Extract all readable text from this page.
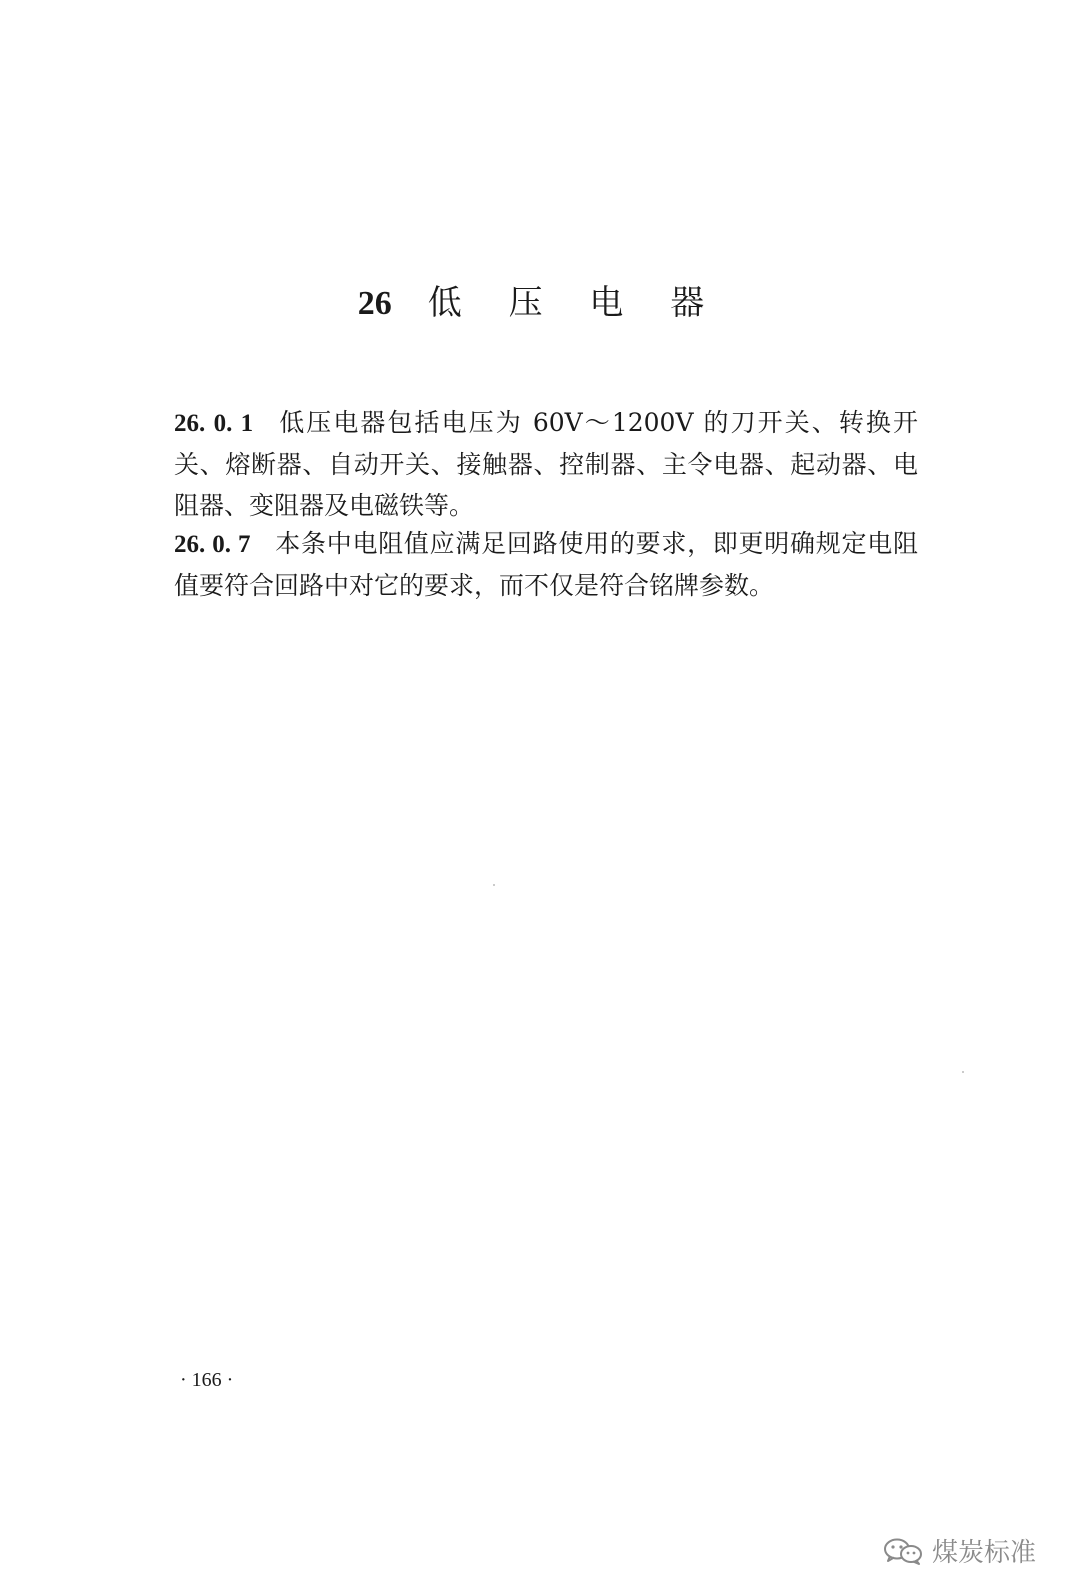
26 低 压 电 器
26. 0. 1 低压电器包括电压为 60V～1200V 的刀开关、转换开关、熔断器、自动开关、接触器、控制器、主令电器、起动器、电阻器、变阻器及电磁铁等。
26. 0. 7 本条中电阻值应满足回路使用的要求，即更明确规定电阻值要符合回路中对它的要求，而不仅是符合铭牌参数。
· 166 ·
煤炭标准
